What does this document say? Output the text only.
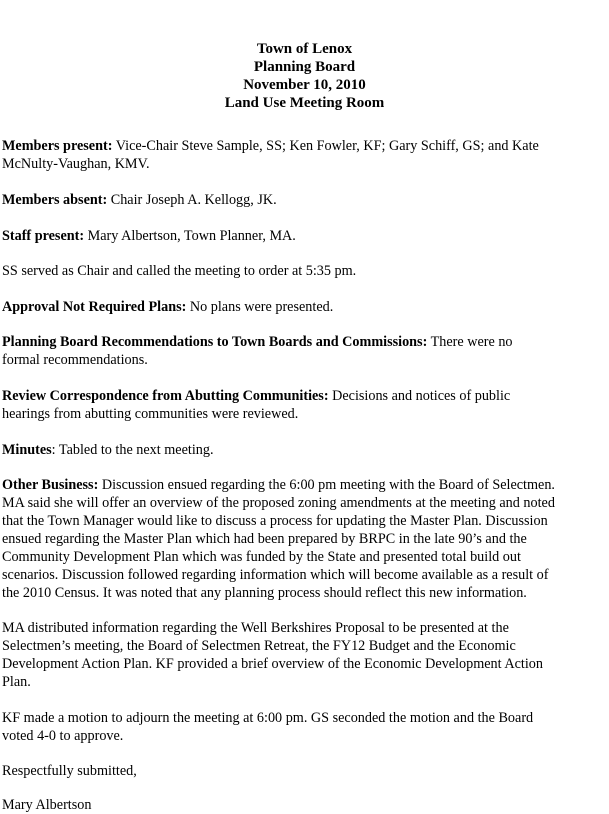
Town of Lenox
Planning Board
November 10, 2010
Land Use Meeting Room
Members present: Vice-Chair Steve Sample, SS; Ken Fowler, KF; Gary Schiff, GS; and Kate
McNulty-Vaughan, KMV.
Members absent: Chair Joseph A. Kellogg, JK.
Staff present: Mary Albertson, Town Planner, MA.
SS served as Chair and called the meeting to order at 5:35 pm.
Approval Not Required Plans: No plans were presented.
Planning Board Recommendations to Town Boards and Commissions: There were no
formal recommendations.
Review Correspondence from Abutting Communities: Decisions and notices of public
hearings from abutting communities were reviewed.
Minutes: Tabled to the next meeting.
Other Business: Discussion ensued regarding the 6:00 pm meeting with the Board of Selectmen.
MA said she will offer an overview of the proposed zoning amendments at the meeting and noted
that the Town Manager would like to discuss a process for updating the Master Plan. Discussion
ensued regarding the Master Plan which had been prepared by BRPC in the late 90’s and the
Community Development Plan which was funded by the State and presented total build out
scenarios. Discussion followed regarding information which will become available as a result of
the 2010 Census. It was noted that any planning process should reflect this new information.
MA distributed information regarding the Well Berkshires Proposal to be presented at the
Selectmen’s meeting, the Board of Selectmen Retreat, the FY12 Budget and the Economic
Development Action Plan. KF provided a brief overview of the Economic Development Action
Plan.
KF made a motion to adjourn the meeting at 6:00 pm. GS seconded the motion and the Board
voted 4-0 to approve.
Respectfully submitted,
Mary Albertson
